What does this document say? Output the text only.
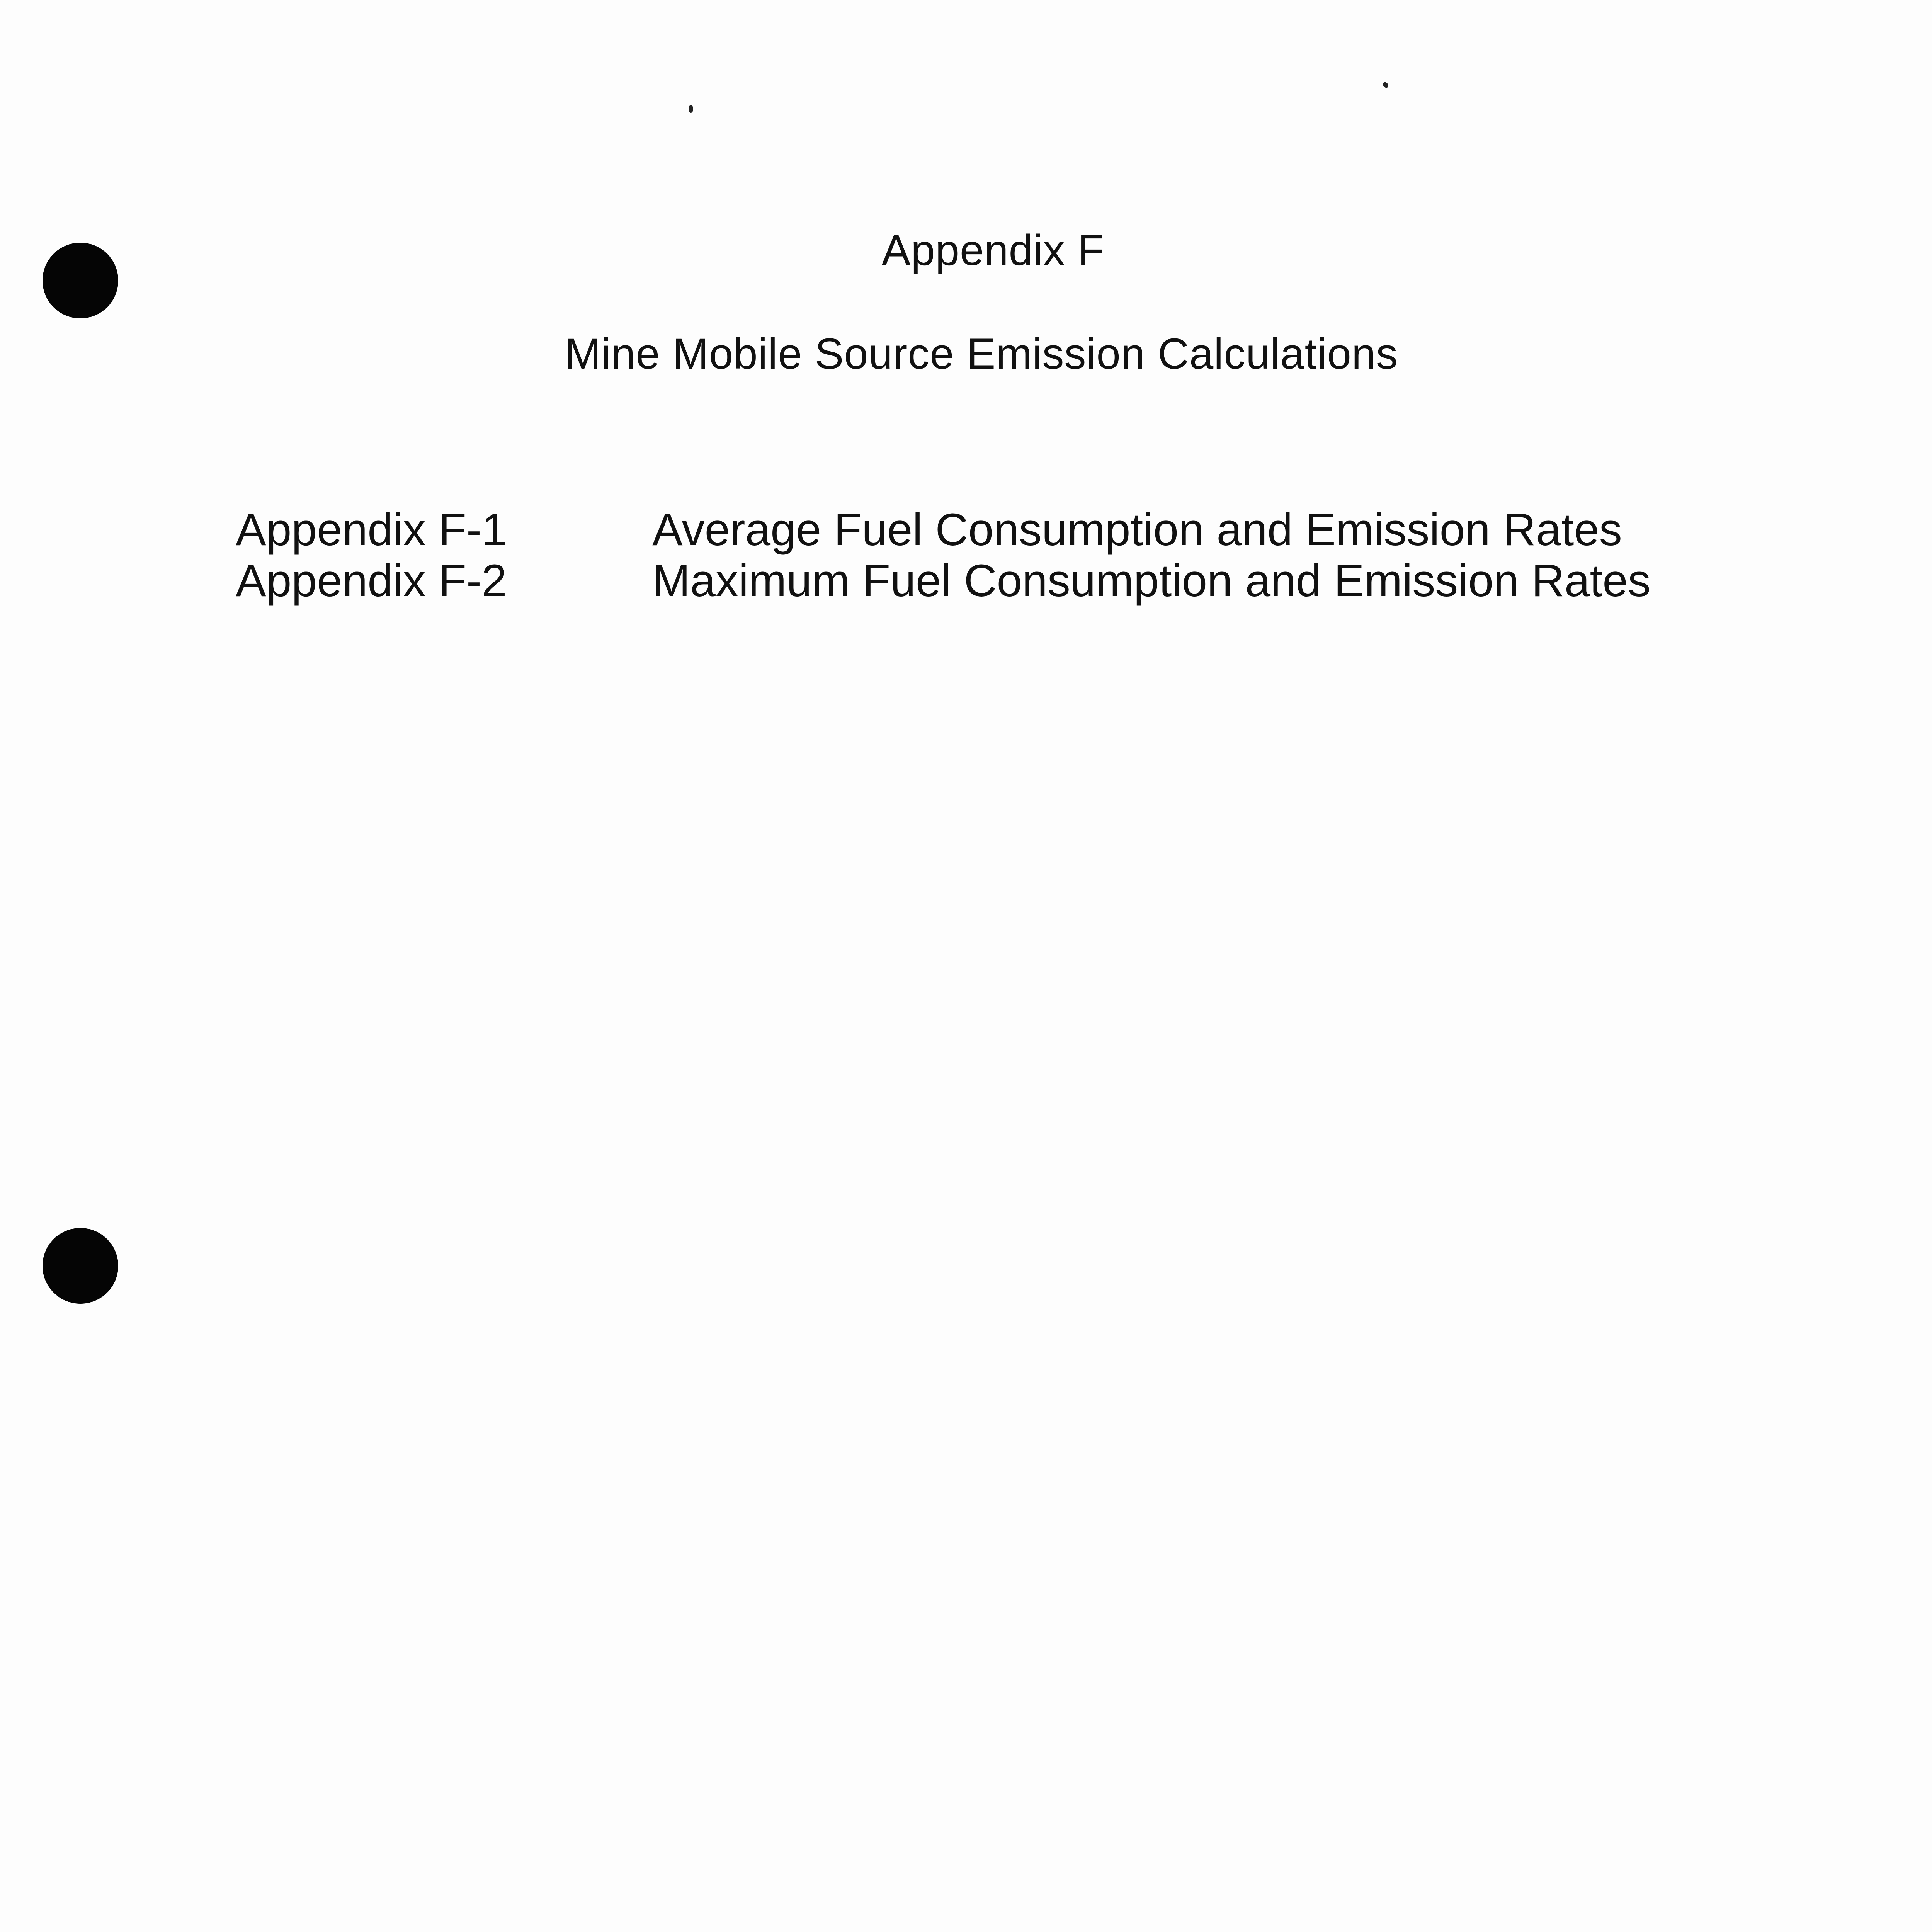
Appendix F
Mine Mobile Source Emission Calculations
Appendix F-1	Average Fuel Consumption and Emission Rates
Appendix F-2	Maximum Fuel Consumption and Emission Rates
